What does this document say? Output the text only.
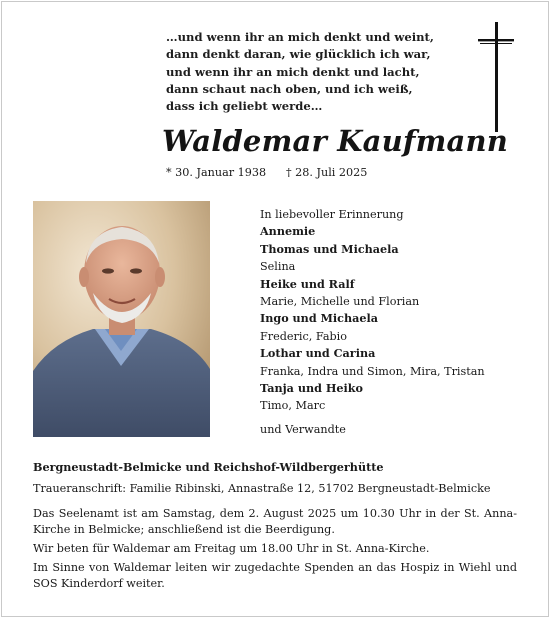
…und wenn ihr an mich denkt und weint,
dann denkt daran, wie glücklich ich war,
und wenn ihr an mich denkt und lacht,
dann schaut nach oben, und ich weiß,
dass ich geliebt werde…
Waldemar Kaufmann
* 30. Januar 1938 † 28. Juli 2025
In liebevoller Erinnerung
Annemie
Thomas und Michaela
Selina
Heike und Ralf
Marie, Michelle und Florian
Ingo und Michaela
Frederic, Fabio
Lothar und Carina
Franka, Indra und Simon, Mira, Tristan
Tanja und Heiko
Timo, Marc
und Verwandte
Bergneustadt-Belmicke und Reichshof-Wildbergerhütte
Traueranschrift: Familie Ribinski, Annastraße 12, 51702 Bergneustadt-Belmicke
Das Seelenamt ist am Samstag, dem 2. August 2025 um 10.30 Uhr in der St. Anna-Kirche in Belmicke; anschließend ist die Beerdigung.
Wir beten für Waldemar am Freitag um 18.00 Uhr in St. Anna-Kirche.
Im Sinne von Waldemar leiten wir zugedachte Spenden an das Hospiz in Wiehl und SOS Kinderdorf weiter.
